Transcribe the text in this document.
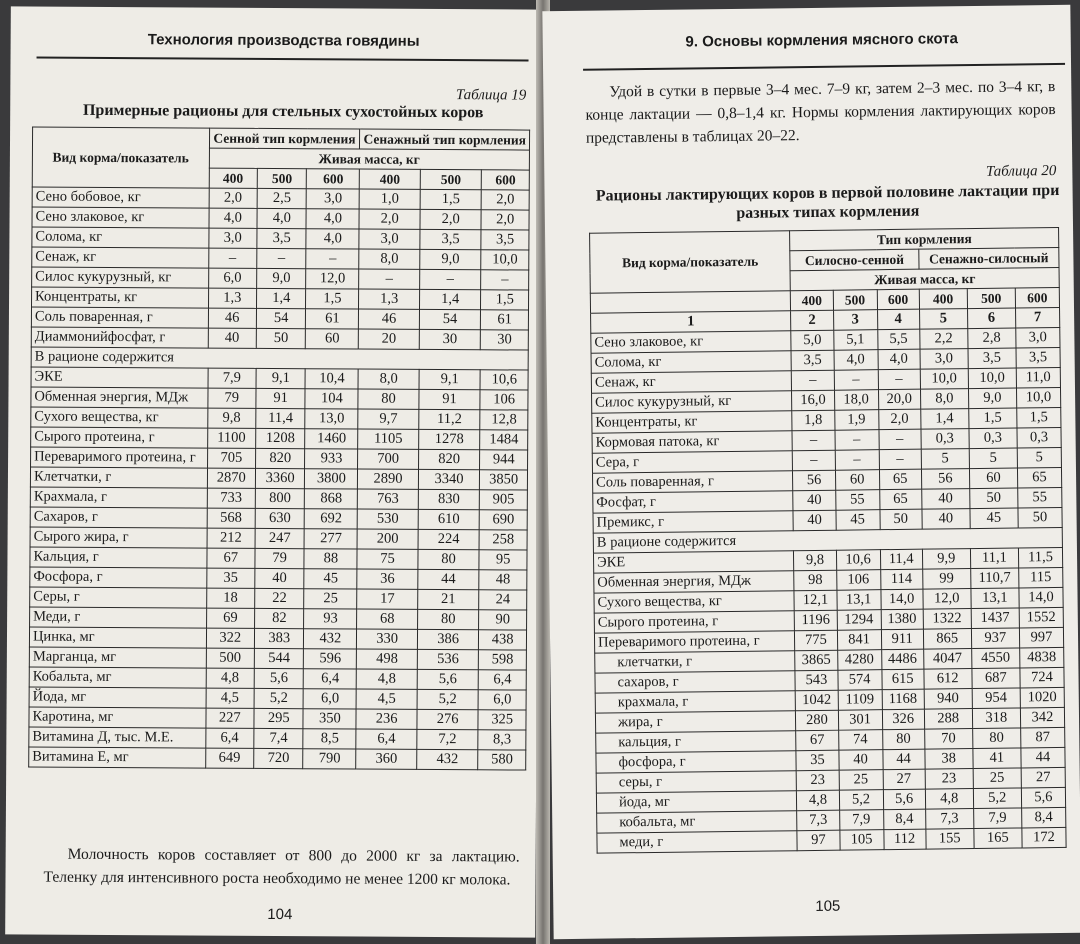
Технология производства говядины
Таблица 19
Примерные рационы для стельных сухостойных коров
Вид корма/показатель	Сенной тип кормления			Сенажный тип кормления		
	Живая масса, кг					
	400	500	600	400	500	600
Сено бобовое, кг	2,0	2,5	3,0	1,0	1,5	2,0
Сено злаковое, кг	4,0	4,0	4,0	2,0	2,0	2,0
Солома, кг	3,0	3,5	4,0	3,0	3,5	3,5
Сенаж, кг	–	–	–	8,0	9,0	10,0
Силос кукурузный, кг	6,0	9,0	12,0	–	–	–
Концентраты, кг	1,3	1,4	1,5	1,3	1,4	1,5
Соль поваренная, г	46	54	61	46	54	61
Диаммонийфосфат, г	40	50	60	20	30	30
В рационе содержится						
ЭКЕ	7,9	9,1	10,4	8,0	9,1	10,6
Обменная энергия, МДж	79	91	104	80	91	106
Сухого вещества, кг	9,8	11,4	13,0	9,7	11,2	12,8
Сырого протеина, г	1100	1208	1460	1105	1278	1484
Переваримого протеина, г	705	820	933	700	820	944
Клетчатки, г	2870	3360	3800	2890	3340	3850
Крахмала, г	733	800	868	763	830	905
Сахаров, г	568	630	692	530	610	690
Сырого жира, г	212	247	277	200	224	258
Кальция, г	67	79	88	75	80	95
Фосфора, г	35	40	45	36	44	48
Серы, г	18	22	25	17	21	24
Меди, г	69	82	93	68	80	90
Цинка, мг	322	383	432	330	386	438
Марганца, мг	500	544	596	498	536	598
Кобальта, мг	4,8	5,6	6,4	4,8	5,6	6,4
Йода, мг	4,5	5,2	6,0	4,5	5,2	6,0
Каротина, мг	227	295	350	236	276	325
Витамина Д, тыс. М.Е.	6,4	7,4	8,5	6,4	7,2	8,3
Витамина Е, мг	649	720	790	360	432	580
Молочность коров составляет от 800 до 2000 кг за лактацию. Теленку для интенсивного роста необходимо не менее 1200 кг молока.
104
9. Основы кормления мясного скота
Удой в сутки в первые 3–4 мес. 7–9 кг, затем 2–3 мес. по 3–4 кг, в конце лактации — 0,8–1,4 кг. Нормы кормления лактирующих коров представлены в таблицах 20–22.
Таблица 20
Рационы лактирующих коров в первой половине лактации при разных типах кормления
Вид корма/показатель	Тип кормления					
	Силосно-сенной			Сенажно-силосный		
	Живая масса, кг					
	400	500	600	400	500	600
1	2	3	4	5	6	7
Сено злаковое, кг	5,0	5,1	5,5	2,2	2,8	3,0
Солома, кг	3,5	4,0	4,0	3,0	3,5	3,5
Сенаж, кг	–	–	–	10,0	10,0	11,0
Силос кукурузный, кг	16,0	18,0	20,0	8,0	9,0	10,0
Концентраты, кг	1,8	1,9	2,0	1,4	1,5	1,5
Кормовая патока, кг	–	–	–	0,3	0,3	0,3
Сера, г	–	–	–	5	5	5
Соль поваренная, г	56	60	65	56	60	65
Фосфат, г	40	55	65	40	50	55
Премикс, г	40	45	50	40	45	50
В рационе содержится						
ЭКЕ	9,8	10,6	11,4	9,9	11,1	11,5
Обменная энергия, МДж	98	106	114	99	110,7	115
Сухого вещества, кг	12,1	13,1	14,0	12,0	13,1	14,0
Сырого протеина, г	1196	1294	1380	1322	1437	1552
Переваримого протеина, г	775	841	911	865	937	997
клетчатки, г	3865	4280	4486	4047	4550	4838
сахаров, г	543	574	615	612	687	724
крахмала, г	1042	1109	1168	940	954	1020
жира, г	280	301	326	288	318	342
кальция, г	67	74	80	70	80	87
фосфора, г	35	40	44	38	41	44
серы, г	23	25	27	23	25	27
йода, мг	4,8	5,2	5,6	4,8	5,2	5,6
кобальта, мг	7,3	7,9	8,4	7,3	7,9	8,4
меди, г	97	105	112	155	165	172
105
